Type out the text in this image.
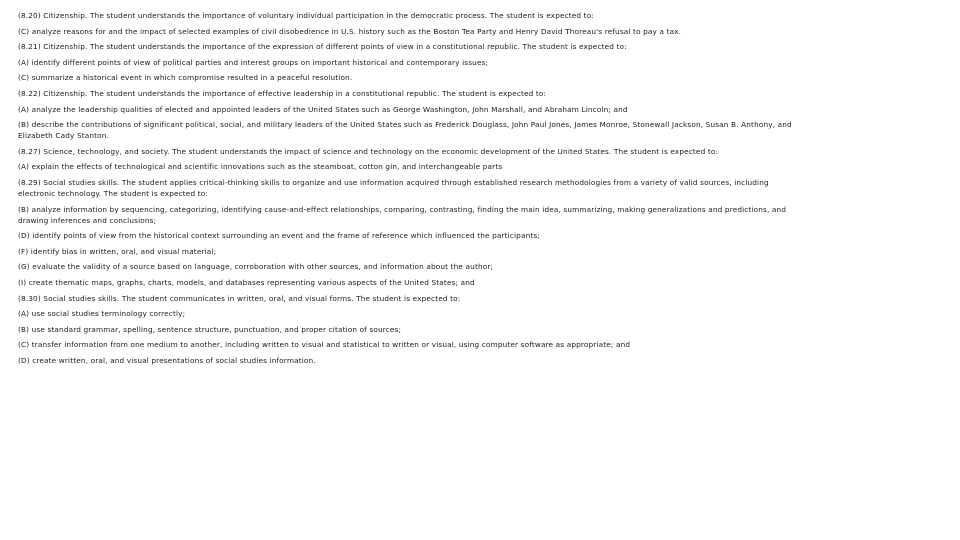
(8.20) Citizenship. The student understands the importance of voluntary individual participation in the democratic process. The student is expected to:

(C) analyze reasons for and the impact of selected examples of civil disobedience in U.S. history such as the Boston Tea Party and Henry David Thoreau's refusal to pay a tax.

(8.21) Citizenship. The student understands the importance of the expression of different points of view in a constitutional republic. The student is expected to:

(A) identify different points of view of political parties and interest groups on important historical and contemporary issues;

(C) summarize a historical event in which compromise resulted in a peaceful resolution.

(8.22) Citizenship. The student understands the importance of effective leadership in a constitutional republic. The student is expected to:

(A) analyze the leadership qualities of elected and appointed leaders of the United States such as George Washington, John Marshall, and Abraham Lincoln; and

(B) describe the contributions of significant political, social, and military leaders of the United States such as Frederick Douglass, John Paul Jones, James Monroe, Stonewall Jackson, Susan B. Anthony, and Elizabeth Cady Stanton.

(8.27) Science, technology, and society. The student understands the impact of science and technology on the economic development of the United States. The student is expected to:

(A) explain the effects of technological and scientific innovations such as the steamboat, cotton gin, and interchangeable parts

(8.29) Social studies skills. The student applies critical-thinking skills to organize and use information acquired through established research methodologies from a variety of valid sources, including electronic technology. The student is expected to:

(B) analyze information by sequencing, categorizing, identifying cause-and-effect relationships, comparing, contrasting, finding the main idea, summarizing, making generalizations and predictions, and drawing inferences and conclusions;

(D) identify points of view from the historical context surrounding an event and the frame of reference which influenced the participants;

(F) identify bias in written, oral, and visual material;

(G) evaluate the validity of a source based on language, corroboration with other sources, and information about the author;

(I) create thematic maps, graphs, charts, models, and databases representing various aspects of the United States; and

(8.30) Social studies skills. The student communicates in written, oral, and visual forms. The student is expected to:

(A) use social studies terminology correctly;

(B) use standard grammar, spelling, sentence structure, punctuation, and proper citation of sources;

(C) transfer information from one medium to another, including written to visual and statistical to written or visual, using computer software as appropriate; and

(D) create written, oral, and visual presentations of social studies information.
